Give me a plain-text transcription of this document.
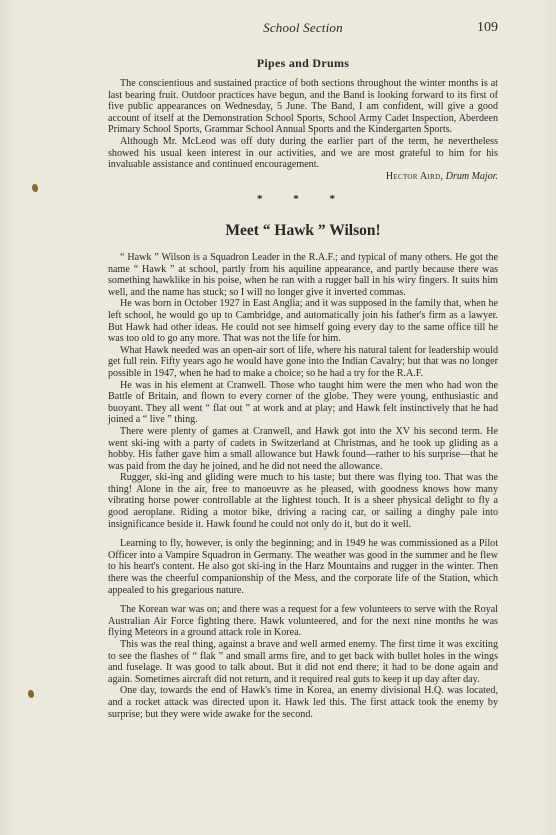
School Section	109
Pipes and Drums

The conscientious and sustained practice of both sections throughout the winter months is at last bearing fruit. Outdoor practices have begun, and the Band is looking forward to its first of five public appearances on Wednesday, 5 June. The Band, I am confident, will give a good account of itself at the Demonstration School Sports, School Army Cadet Inspection, Aberdeen Primary School Sports, Grammar School Annual Sports and the Kindergarten Sports.

Although Mr. McLeod was off duty during the earlier part of the term, he nevertheless showed his usual keen interest in our activities, and we are most grateful to him for his invaluable assistance and continued encouragement.

Hector Aird, Drum Major.
* * *
Meet “ Hawk ” Wilson!

“ Hawk ” Wilson is a Squadron Leader in the R.A.F.; and typical of many others. He got the name “ Hawk ” at school, partly from his aquiline appearance, and partly because there was something hawklike in his poise, when he ran with a rugger ball in his wiry fingers. It suits him well, and the name has stuck; so I will no longer give it inverted commas.

He was born in October 1927 in East Anglia; and it was supposed in the family that, when he left school, he would go up to Cambridge, and automatically join his father's firm as a lawyer. But Hawk had other ideas. He could not see himself going every day to the same office till he was too old to go any more. That was not the life for him.

What Hawk needed was an open-air sort of life, where his natural talent for leadership would get full rein. Fifty years ago he would have gone into the Indian Cavalry; but that was no longer possible in 1947, when he had to make a choice; so he had a try for the R.A.F.

He was in his element at Cranwell. Those who taught him were the men who had won the Battle of Britain, and flown to every corner of the globe. They were young, enthusiastic and buoyant. They all went “ flat out ” at work and at play; and Hawk felt instinctively that he had joined a “ live ” thing.

There were plenty of games at Cranwell, and Hawk got into the XV his second term. He went ski-ing with a party of cadets in Switzerland at Christmas, and he took up gliding as a hobby. His father gave him a small allowance but Hawk found—rather to his surprise—that he was paid from the day he joined, and he did not need the allowance.

Rugger, ski-ing and gliding were much to his taste; but there was flying too. That was the thing! Alone in the air, free to manoeuvre as he pleased, with goodness knows how many vibrating horse power controllable at the lightest touch. It is a sheer physical delight to fly a good aeroplane. Riding a motor bike, driving a racing car, or sailing a dinghy pale into insignificance beside it. Hawk found he could not only do it, but do it well.

Learning to fly, however, is only the beginning; and in 1949 he was commissioned as a Pilot Officer into a Vampire Squadron in Germany. The weather was good in the summer and he flew to his heart's content. He also got ski-ing in the Harz Mountains and rugger in the winter. Then there was the cheerful companionship of the Mess, and the corporate life of the Station, which appealed to his gregarious nature.

The Korean war was on; and there was a request for a few volunteers to serve with the Royal Australian Air Force fighting there. Hawk volunteered, and for the next nine months he was flying Meteors in a ground attack role in Korea.

This was the real thing, against a brave and well armed enemy. The first time it was exciting to see the flashes of “ flak ” and small arms fire, and to get back with bullet holes in the wings and fuselage. It was good to talk about. But it did not end there; it had to be done again and again. Sometimes aircraft did not return, and it required real guts to keep it up day after day.

One day, towards the end of Hawk's time in Korea, an enemy divisional H.Q. was located, and a rocket attack was directed upon it. Hawk led this. The first attack took the enemy by surprise; but they were wide awake for the second.
